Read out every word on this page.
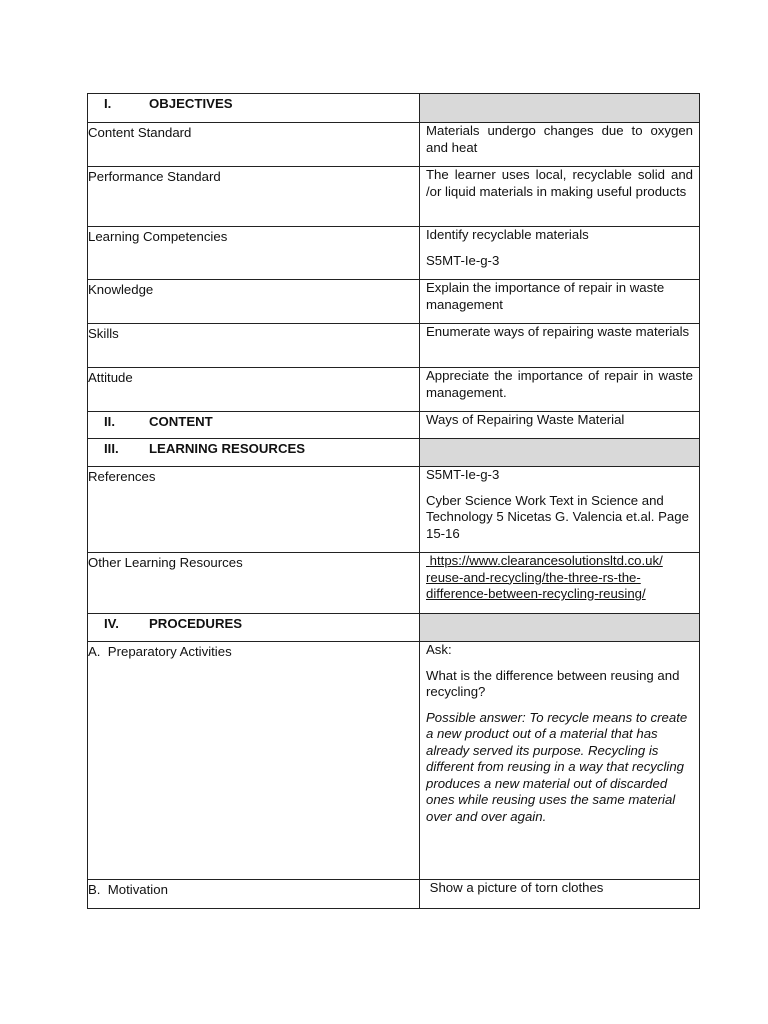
I. OBJECTIVES	

Content Standard	Materials undergo changes due to oxygen and heat
Performance Standard	The learner uses local, recyclable solid and /or liquid materials in making useful products
Learning Competencies	Identify recyclable materials

S5MT-Ie-g-3

Knowledge	Explain the importance of repair in waste management
Skills	Enumerate ways of repairing waste materials
Attitude	Appreciate the importance of repair in waste management.

II. CONTENT	Ways of Repairing Waste Material

III. LEARNING RESOURCES	

References	S5MT-Ie-g-3

Cyber Science Work Text in Science and Technology 5 Nicetas G. Valencia et.al. Page 15-16

Other Learning Resources	https://www.clearancesolutionsltd.co.uk/
reuse-and-recycling/the-three-rs-the-
difference-between-recycling-reusing/

IV. PROCEDURES	

A. Preparatory Activities	Ask:

What is the difference between reusing and recycling?

Possible answer: To recycle means to create a new product out of a material that has already served its purpose. Recycling is different from reusing in a way that recycling produces a new material out of discarded ones while reusing uses the same material over and over again.

B. Motivation	Show a picture of torn clothes
